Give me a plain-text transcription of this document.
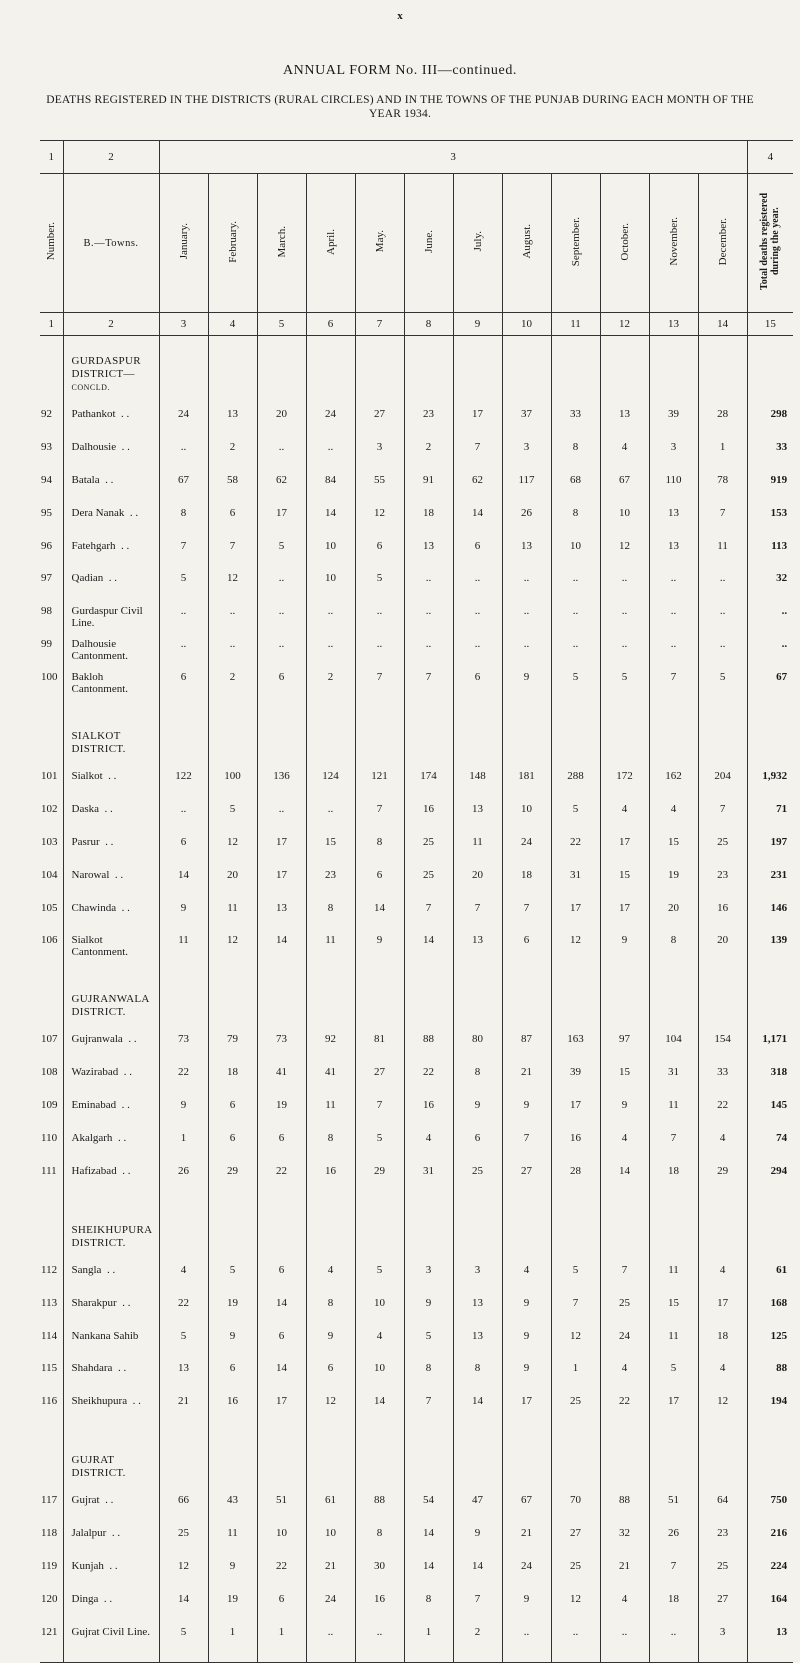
x
ANNUAL FORM No. III—continued.
DEATHS REGISTERED IN THE DISTRICTS (RURAL CIRCLES) AND IN THE TOWNS OF THE PUNJAB DURING EACH MONTH OF THE YEAR 1934.
1	2	3												4
Number.	B.—Towns.	January.	February.	March.	April.	May.	June.	July.	August.	September.	October.	November.	December.	Total deaths registered during the year.
1	2	3	4	5	6	7	8	9	10	11	12	13	14	15

	GURDASPUR DISTRICT—
CONCLD.													
92	Pathankot  . .	24	13	20	24	27	23	17	37	33	13	39	28	298
93	Dalhousie  . .	..	2	..	..	3	2	7	3	8	4	3	1	33
94	Batala  . .	67	58	62	84	55	91	62	117	68	67	110	78	919
95	Dera Nanak  . .	8	6	17	14	12	18	14	26	8	10	13	7	153
96	Fatehgarh  . .	7	7	5	10	6	13	6	13	10	12	13	11	113
97	Qadian  . .	5	12	..	10	5	..	..	..	..	..	..	..	32
98	Gurdaspur Civil Line.	..	..	..	..	..	..	..	..	..	..	..	..	..
99	Dalhousie Cantonment.	..	..	..	..	..	..	..	..	..	..	..	..	..
100	Bakloh Cantonment.	6	2	6	2	7	7	6	9	5	5	7	5	67

	SIALKOT DISTRICT.													

101	Sialkot  . .	122	100	136	124	121	174	148	181	288	172	162	204	1,932
102	Daska  . .	..	5	..	..	7	16	13	10	5	4	4	7	71
103	Pasrur  . .	6	12	17	15	8	25	11	24	22	17	15	25	197
104	Narowal  . .	14	20	17	23	6	25	20	18	31	15	19	23	231
105	Chawinda  . .	9	11	13	8	14	7	7	7	17	17	20	16	146
106	Sialkot Cantonment.	11	12	14	11	9	14	13	6	12	9	8	20	139

	GUJRANWALA DISTRICT.													

107	Gujranwala  . .	73	79	73	92	81	88	80	87	163	97	104	154	1,171
108	Wazirabad  . .	22	18	41	41	27	22	8	21	39	15	31	33	318
109	Eminabad  . .	9	6	19	11	7	16	9	9	17	9	11	22	145
110	Akalgarh  . .	1	6	6	8	5	4	6	7	16	4	7	4	74
111	Hafizabad  . .	26	29	22	16	29	31	25	27	28	14	18	29	294

	SHEIKHUPURA DISTRICT.													

112	Sangla  . .	4	5	6	4	5	3	3	4	5	7	11	4	61
113	Sharakpur  . .	22	19	14	8	10	9	13	9	7	25	15	17	168
114	Nankana Sahib	5	9	6	9	4	5	13	9	12	24	11	18	125
115	Shahdara  . .	13	6	14	6	10	8	8	9	1	4	5	4	88
116	Sheikhupura  . .	21	16	17	12	14	7	14	17	25	22	17	12	194

	GUJRAT DISTRICT.													

117	Gujrat  . .	66	43	51	61	88	54	47	67	70	88	51	64	750
118	Jalalpur  . .	25	11	10	10	8	14	9	21	27	32	26	23	216
119	Kunjah  . .	12	9	22	21	30	14	14	24	25	21	7	25	224
120	Dinga  . .	14	19	6	24	16	8	7	9	12	4	18	27	164
121	Gujrat Civil Line.	5	1	1	..	..	1	2	..	..	..	..	3	13
